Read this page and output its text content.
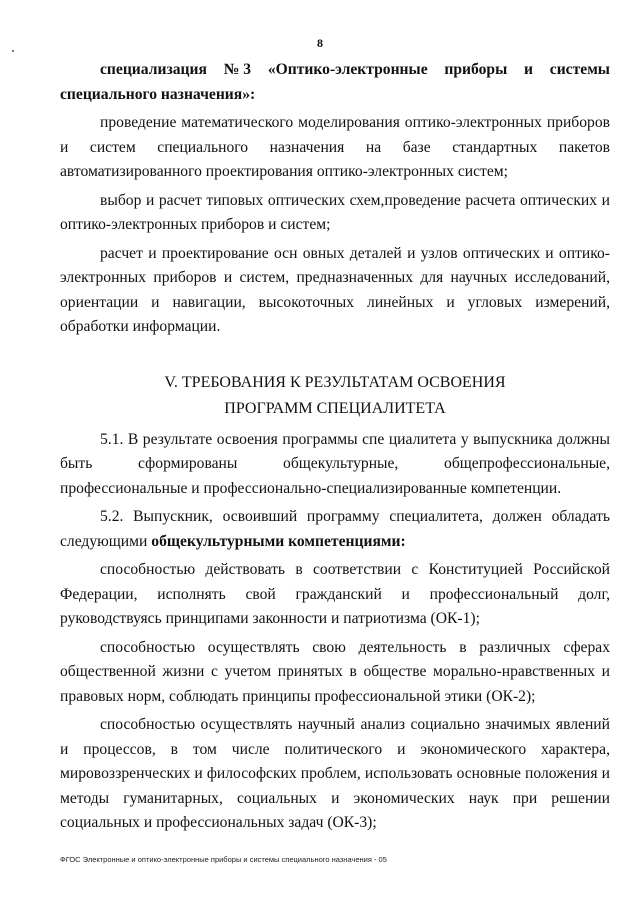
8
специализация № 3 «Оптико-электронные приборы и системы
специального назначения»:

проведение математического моделирования оптико-электронных приборов и систем специального назначения на базе стандартных пакетов автоматизированного проектирования оптико-электронных систем;

выбор и расчет типовых оптических схем,проведение расчета оптических и оптико-электронных приборов и систем;

расчет и проектирование осн овных деталей и узлов оптических и оптико-электронных приборов и систем, предназначенных для научных исследований, ориентации и навигации, высокоточных линейных и угловых измерений, обработки информации.

V. ТРЕБОВАНИЯ К РЕЗУЛЬТАТАМ ОСВОЕНИЯ
ПРОГРАММ СПЕЦИАЛИТЕТА

5.1. В результате освоения программы спе циалитета у выпускника должны быть сформированы общекультурные, общепрофессиональные, профессиональные и профессионально-специализированные компетенции.

5.2. Выпускник, освоивший программу специалитета, должен обладать следующими общекультурными компетенциями:

способностью действовать в соответствии с Конституцией Российской Федерации, исполнять свой гражданский и профессиональный долг, руководствуясь принципами законности и патриотизма (ОК-1);

способностью осуществлять свою деятельность в различных сферах общественной жизни с учетом принятых в обществе морально-нравственных и правовых норм, соблюдать принципы профессиональной этики (ОК-2);

способностью осуществлять научный анализ социально значимых явлений и процессов, в том числе политического и экономического характера, мировоззренческих и философских проблем, использовать основные положения и методы гуманитарных, социальных и экономических наук при решении социальных и профессиональных задач (ОК-3);

ФГОС Электронные и оптико-электронные приборы и системы специального назначения - 05
